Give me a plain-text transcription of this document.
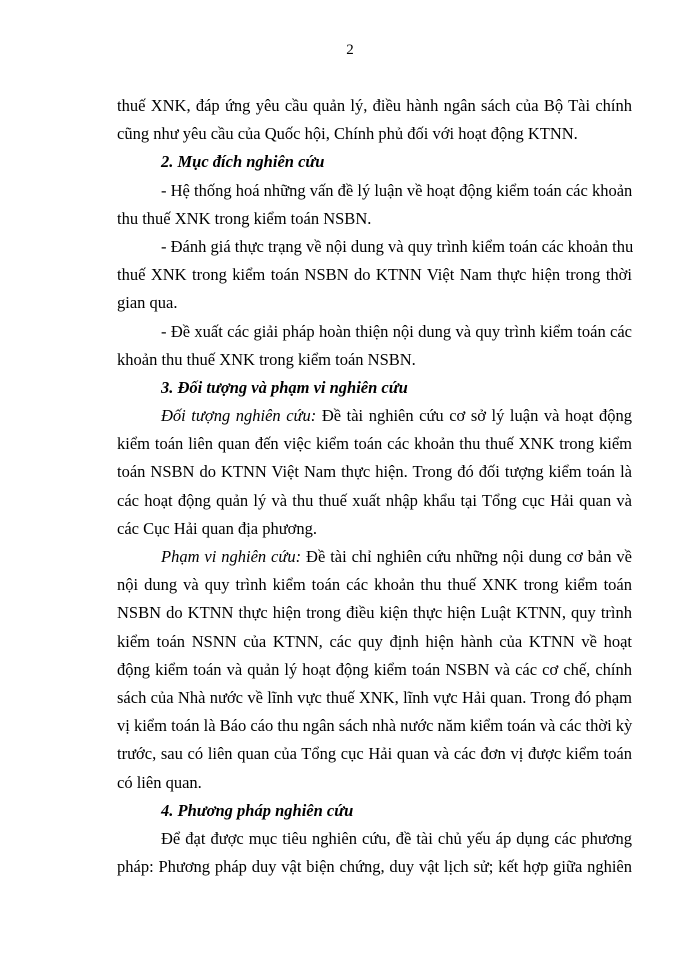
2
thuế XNK, đáp ứng yêu cầu quản lý, điều hành ngân sách của Bộ Tài chính
cũng như yêu cầu của Quốc hội, Chính phủ đối với hoạt động KTNN.
2. Mục đích nghiên cứu
- Hệ thống hoá những vấn đề lý luận về hoạt động kiểm toán các khoản
thu thuế XNK trong kiểm toán NSBN.
- Đánh giá thực trạng về nội dung và quy trình kiểm toán các khoản thu
thuế XNK trong kiểm toán NSBN do KTNN Việt Nam thực hiện trong thời
gian qua.
- Đề xuất các giải pháp hoàn thiện nội dung và quy trình kiểm toán các
khoản thu thuế XNK trong kiểm toán NSBN.
3. Đối tượng và phạm vi nghiên cứu
Đối tượng nghiên cứu: Đề tài nghiên cứu cơ sở lý luận và hoạt động
kiểm toán liên quan đến việc kiểm toán các khoản thu thuế XNK trong kiểm
toán NSBN do KTNN Việt Nam thực hiện. Trong đó đối tượng kiểm toán là
các hoạt động quản lý và thu thuế xuất nhập khẩu tại Tổng cục Hải quan và
các Cục Hải quan địa phương.
Phạm vi nghiên cứu: Đề tài chỉ nghiên cứu những nội dung cơ bản về
nội dung và quy trình kiểm toán các khoản thu thuế XNK trong kiểm toán
NSBN do KTNN thực hiện trong điều kiện thực hiện Luật KTNN, quy trình
kiểm toán NSNN của KTNN, các quy định hiện hành của KTNN về hoạt
động kiểm toán và quản lý hoạt động kiểm toán NSBN và các cơ chế, chính
sách của Nhà nước về lĩnh vực thuế XNK, lĩnh vực Hải quan. Trong đó phạm
vị kiểm toán là Báo cáo thu ngân sách nhà nước năm kiểm toán và các thời kỳ
trước, sau có liên quan của Tổng cục Hải quan và các đơn vị được kiểm toán
có liên quan.
4. Phương pháp nghiên cứu
Để đạt được mục tiêu nghiên cứu, đề tài chủ yếu áp dụng các phương
pháp: Phương pháp duy vật biện chứng, duy vật lịch sử; kết hợp giữa nghiên
